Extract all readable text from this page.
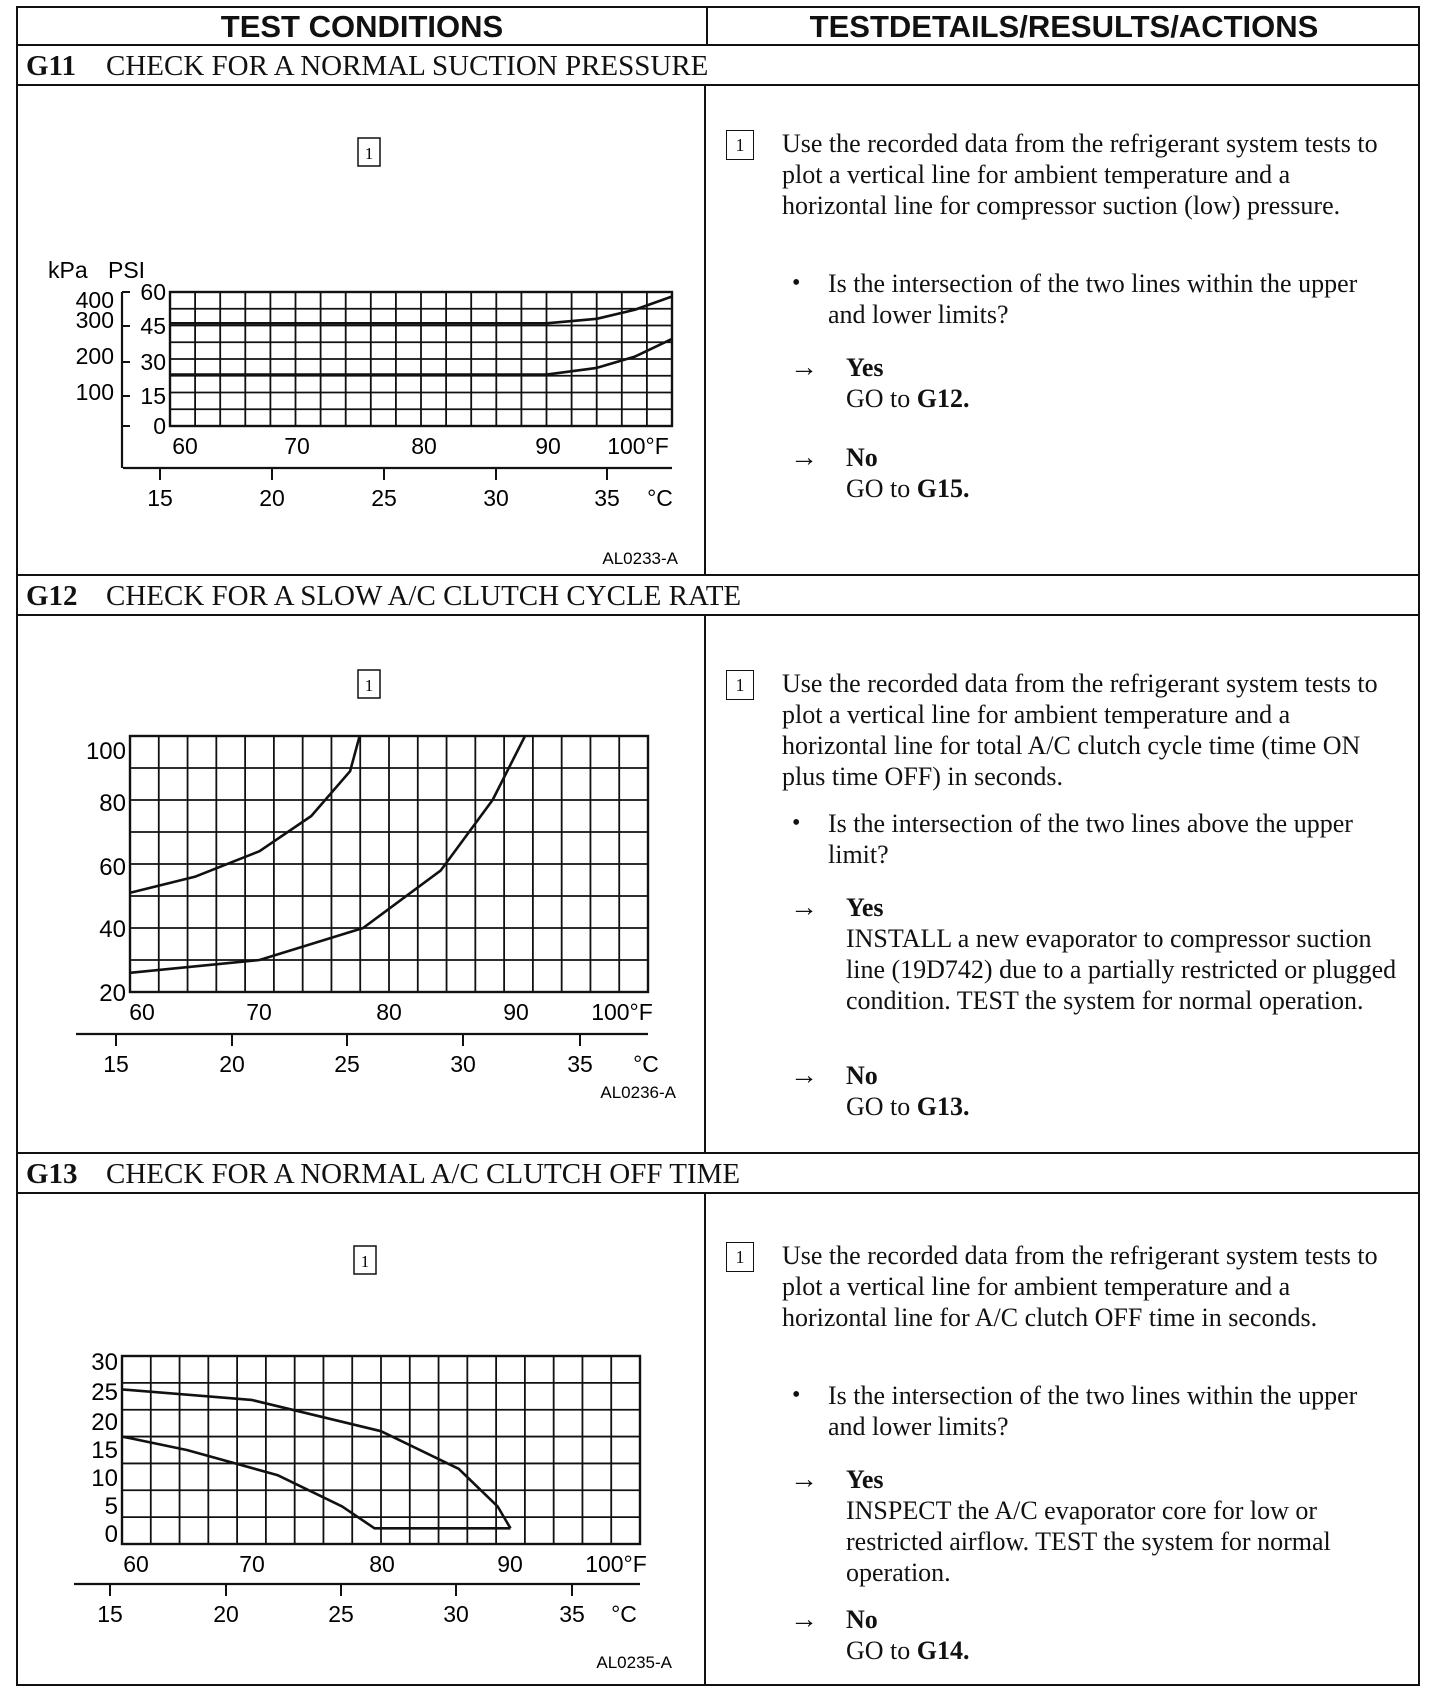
TEST CONDITIONS	TESTDETAILS/RESULTS/ACTIONS
G11 CHECK FOR A NORMAL SUCTION PRESSURE
1
60	70	80	90 100°F
15	20	25	30	35 °C
AL0233-A
kPa PSI
60
45
30
15
0
400
300
200
100
1	Use the recorded data from the refrigerant system tests to plot a vertical line for ambient temperature and a horizontal line for compressor suction (low) pressure.
• Is the intersection of the two lines within the upper and lower limits?
→ Yes
GO to G12.
→ No
GO to G15.
G12 CHECK FOR A SLOW A/C CLUTCH CYCLE RATE
1
60	70	80	90	100°F
15	20	25	30	35 °C
AL0236-A
100
80
60
40
20
1	Use the recorded data from the refrigerant system tests to plot a vertical line for ambient temperature and a horizontal line for total A/C clutch cycle time (time ON plus time OFF) in seconds.
• Is the intersection of the two lines above the upper limit?
→ Yes
INSTALL a new evaporator to compressor suction line (19D742) due to a partially restricted or plugged condition. TEST the system for normal operation.
→ No
GO to G13.
G13 CHECK FOR A NORMAL A/C CLUTCH OFF TIME
1
60	70	80	90	100°F
15	20	25	30	35 °C
AL0235-A
30
25
20
15
10
5
0
1	Use the recorded data from the refrigerant system tests to plot a vertical line for ambient temperature and a horizontal line for A/C clutch OFF time in seconds.
• Is the intersection of the two lines within the upper and lower limits?
→ Yes
INSPECT the A/C evaporator core for low or restricted airflow. TEST the system for normal operation.
→ No
GO to G14.
